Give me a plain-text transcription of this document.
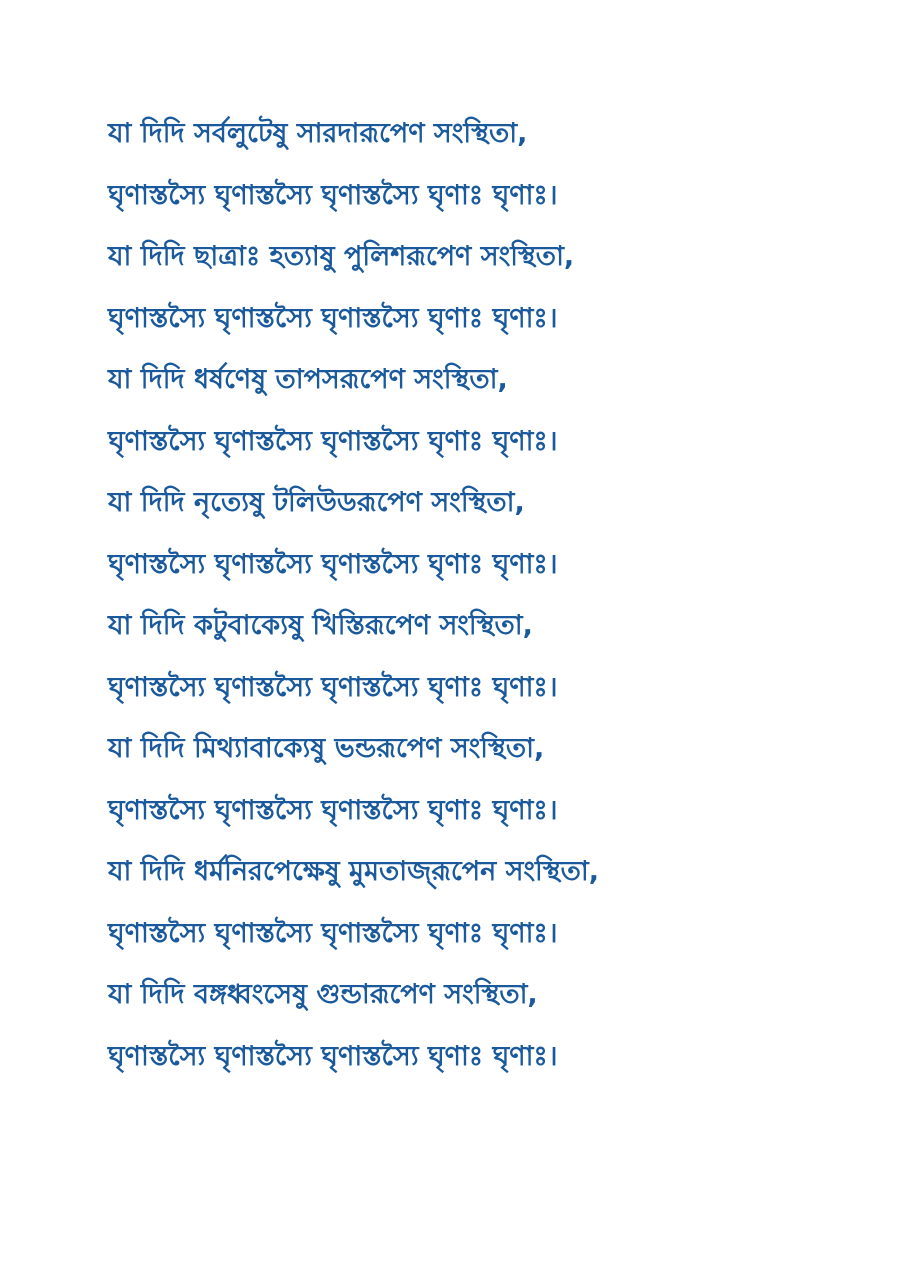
যা দিদি সর্বলুটেষু সারদারূপেণ সংস্থিতা,
ঘৃণাস্তস্যৈ ঘৃণাস্তস্যৈ ঘৃণাস্তস্যৈ ঘৃণাঃ ঘৃণাঃ।
যা দিদি ছাত্রাঃ হত্যাষু পুলিশরূপেণ সংস্থিতা,
ঘৃণাস্তস্যৈ ঘৃণাস্তস্যৈ ঘৃণাস্তস্যৈ ঘৃণাঃ ঘৃণাঃ।
যা দিদি ধর্ষণেষু তাপসরূপেণ সংস্থিতা,
ঘৃণাস্তস্যৈ ঘৃণাস্তস্যৈ ঘৃণাস্তস্যৈ ঘৃণাঃ ঘৃণাঃ।
যা দিদি নৃত্যেষু টলিউডরূপেণ সংস্থিতা,
ঘৃণাস্তস্যৈ ঘৃণাস্তস্যৈ ঘৃণাস্তস্যৈ ঘৃণাঃ ঘৃণাঃ।
যা দিদি কটুবাক্যেষু খিস্তিরূপেণ সংস্থিতা,
ঘৃণাস্তস্যৈ ঘৃণাস্তস্যৈ ঘৃণাস্তস্যৈ ঘৃণাঃ ঘৃণাঃ।
যা দিদি মিথ্যাবাক্যেষু ভন্ডরূপেণ সংস্থিতা,
ঘৃণাস্তস্যৈ ঘৃণাস্তস্যৈ ঘৃণাস্তস্যৈ ঘৃণাঃ ঘৃণাঃ।
যা দিদি ধর্মনিরপেক্ষেষু মুমতাজ্‌রূপেন সংস্থিতা,
ঘৃণাস্তস্যৈ ঘৃণাস্তস্যৈ ঘৃণাস্তস্যৈ ঘৃণাঃ ঘৃণাঃ।
যা দিদি বঙ্গধ্বংসেষু গুন্ডারূপেণ সংস্থিতা,
ঘৃণাস্তস্যৈ ঘৃণাস্তস্যৈ ঘৃণাস্তস্যৈ ঘৃণাঃ ঘৃণাঃ।
